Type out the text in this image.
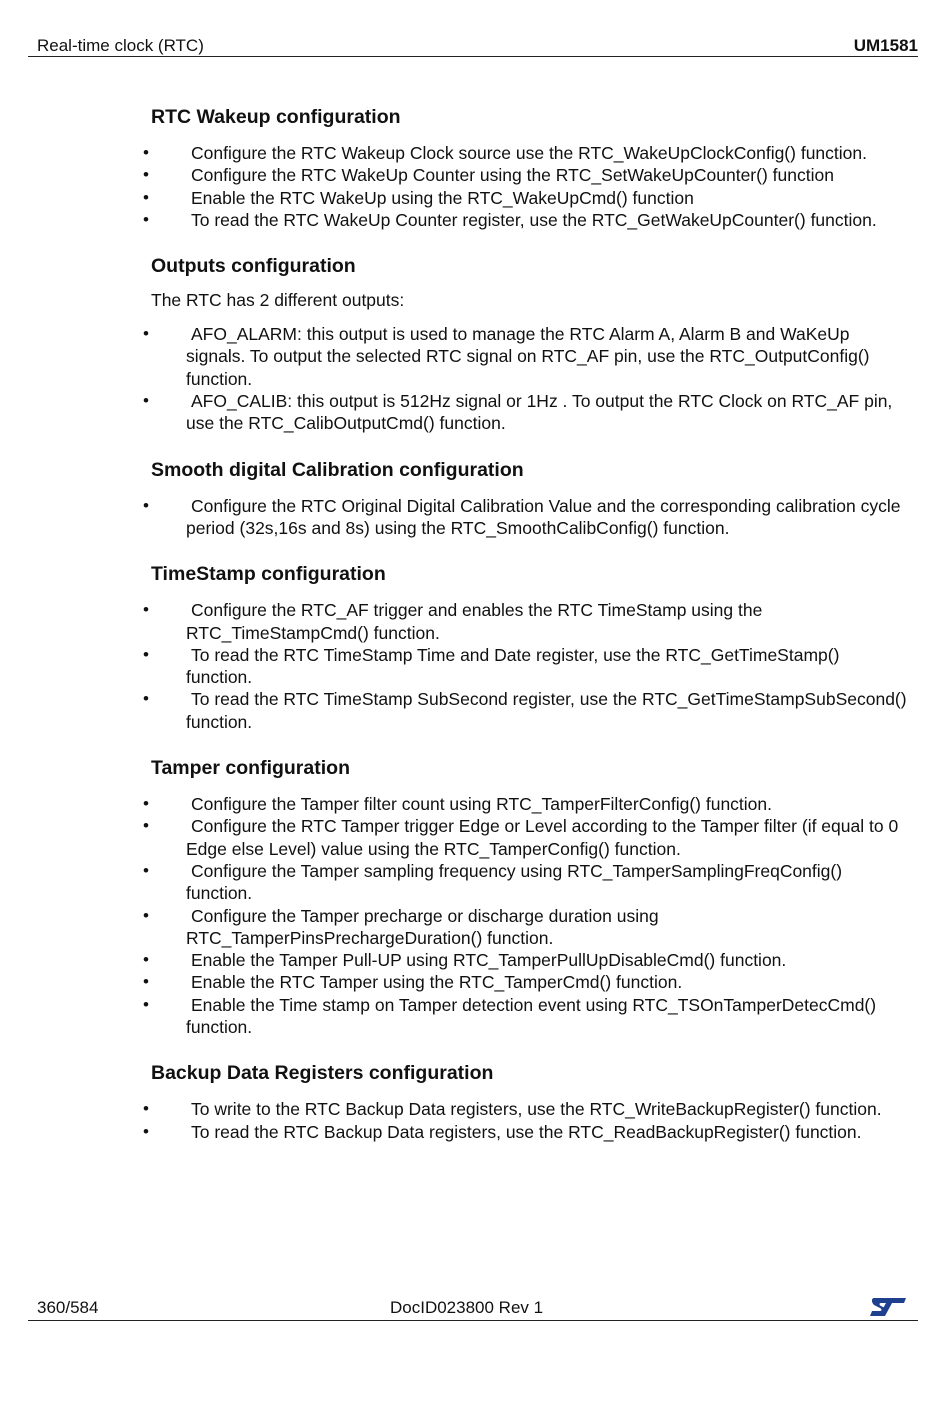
Real-time clock (RTC)	UM1581
RTC Wakeup configuration
• Configure the RTC Wakeup Clock source use the RTC_WakeUpClockConfig() function.
• Configure the RTC WakeUp Counter using the RTC_SetWakeUpCounter() function
• Enable the RTC WakeUp using the RTC_WakeUpCmd() function
• To read the RTC WakeUp Counter register, use the RTC_GetWakeUpCounter() function.
Outputs configuration

The RTC has 2 different outputs:

• AFO_ALARM: this output is used to manage the RTC Alarm A, Alarm B and WaKeUp signals. To output the selected RTC signal on RTC_AF pin, use the RTC_OutputConfig() function.
• AFO_CALIB: this output is 512Hz signal or 1Hz . To output the RTC Clock on RTC_AF pin, use the RTC_CalibOutputCmd() function.
Smooth digital Calibration configuration
• Configure the RTC Original Digital Calibration Value and the corresponding calibration cycle period (32s,16s and 8s) using the RTC_SmoothCalibConfig() function.
TimeStamp configuration
• Configure the RTC_AF trigger and enables the RTC TimeStamp using the RTC_TimeStampCmd() function.
• To read the RTC TimeStamp Time and Date register, use the RTC_GetTimeStamp() function.
• To read the RTC TimeStamp SubSecond register, use the RTC_GetTimeStampSubSecond() function.
Tamper configuration
• Configure the Tamper filter count using RTC_TamperFilterConfig() function.
• Configure the RTC Tamper trigger Edge or Level according to the Tamper filter (if equal to 0 Edge else Level) value using the RTC_TamperConfig() function.
• Configure the Tamper sampling frequency using RTC_TamperSamplingFreqConfig() function.
• Configure the Tamper precharge or discharge duration using RTC_TamperPinsPrechargeDuration() function.
• Enable the Tamper Pull-UP using RTC_TamperPullUpDisableCmd() function.
• Enable the RTC Tamper using the RTC_TamperCmd() function.
• Enable the Time stamp on Tamper detection event using RTC_TSOnTamperDetecCmd() function.
Backup Data Registers configuration
• To write to the RTC Backup Data registers, use the RTC_WriteBackupRegister() function.
• To read the RTC Backup Data registers, use the RTC_ReadBackupRegister() function.
360/584	DocID023800 Rev 1
